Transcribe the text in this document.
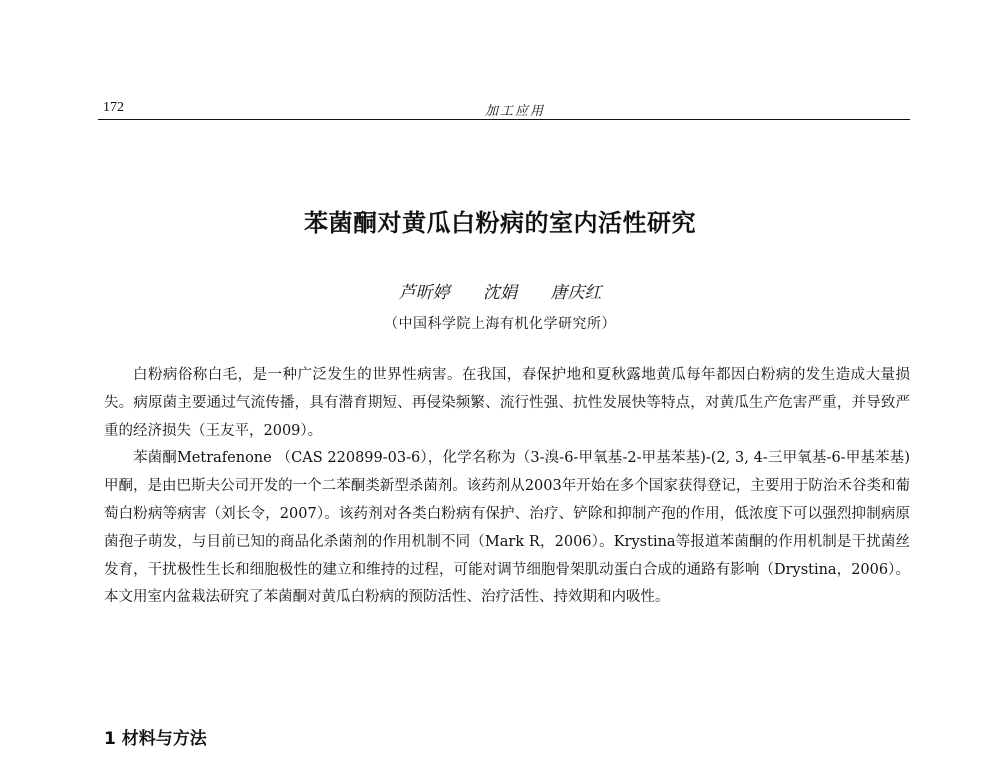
172	加工应用
苯菌酮对黄瓜白粉病的室内活性研究
芦昕婷 沈娟 唐庆红
（中国科学院上海有机化学研究所）

白粉病俗称白毛，是一种广泛发生的世界性病害。在我国，春保护地和夏秋露地黄瓜每年都因白粉病的发生造成大量损失。病原菌主要通过气流传播，具有潜育期短、再侵染频繁、流行性强、抗性发展快等特点，对黄瓜生产危害严重，并导致严重的经济损失（王友平，2009）。

苯菌酮Metrafenone （CAS 220899-03-6），化学名称为（3-溴-6-甲氧基-2-甲基苯基)-(2, 3, 4-三甲氧基-6-甲基苯基)甲酮，是由巴斯夫公司开发的一个二苯酮类新型杀菌剂。该药剂从2003年开始在多个国家获得登记，主要用于防治禾谷类和葡萄白粉病等病害（刘长令，2007）。该药剂对各类白粉病有保护、治疗、铲除和抑制产孢的作用，低浓度下可以强烈抑制病原菌孢子萌发，与目前已知的商品化杀菌剂的作用机制不同（Mark R，2006）。Krystina等报道苯菌酮的作用机制是干扰菌丝发育，干扰极性生长和细胞极性的建立和维持的过程，可能对调节细胞骨架肌动蛋白合成的通路有影响（Drystina，2006）。本文用室内盆栽法研究了苯菌酮对黄瓜白粉病的预防活性、治疗活性、持效期和内吸性。

1 材料与方法
